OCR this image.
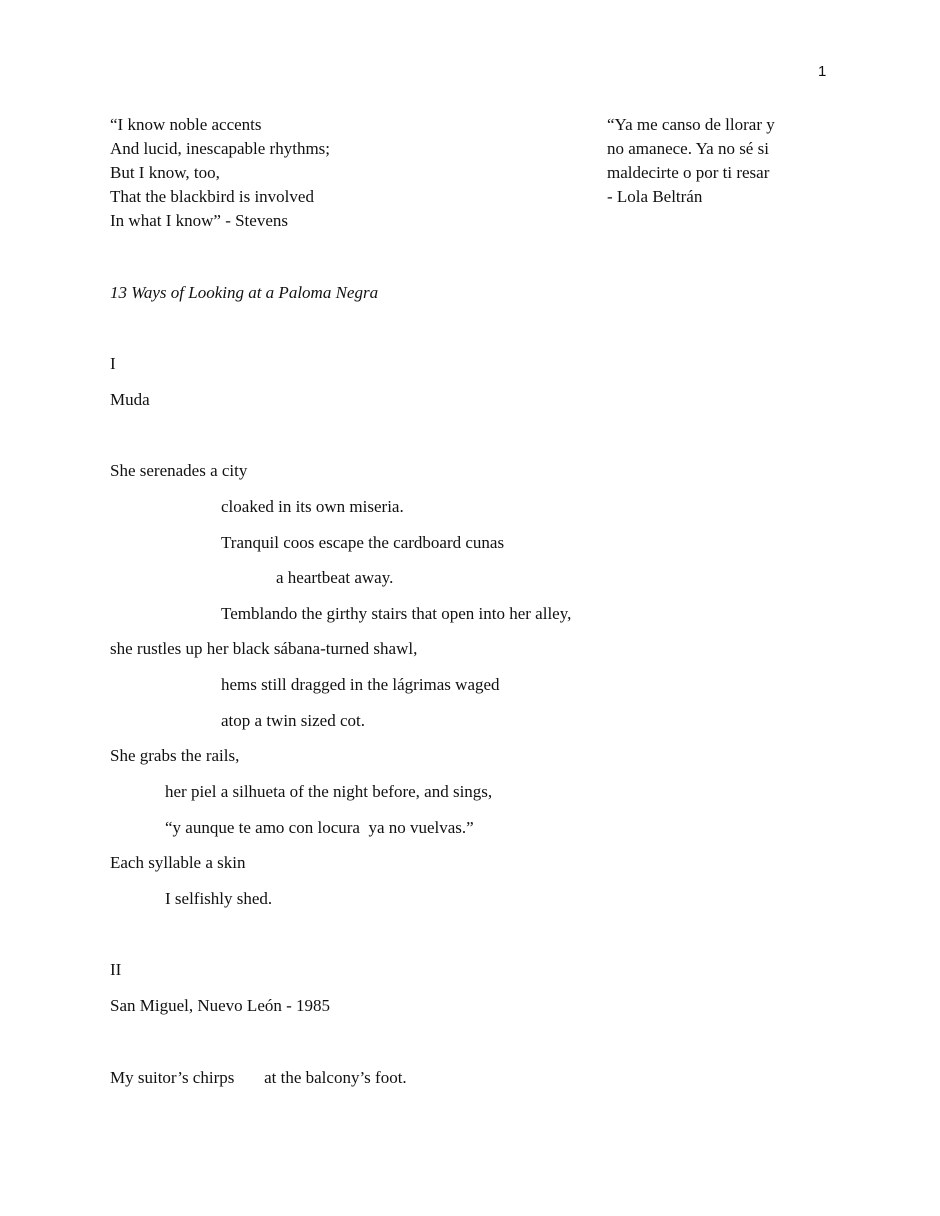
1
“I know noble accents
And lucid, inescapable rhythms;
But I know, too,
That the blackbird is involved
In what I know” - Stevens
“Ya me canso de llorar y
no amanece. Ya no sé si
maldecirte o por ti resar
- Lola Beltrán
13 Ways of Looking at a Paloma Negra
I
Muda
She serenades a city
cloaked in its own miseria.
Tranquil coos escape the cardboard cunas
a heartbeat away.
Temblando the girthy stairs that open into her alley,
she rustles up her black sábana-turned shawl,
hems still dragged in the lágrimas waged
atop a twin sized cot.
She grabs the rails,
her piel a silhueta of the night before, and sings,
“y aunque te amo con locura  ya no vuelvas.”
Each syllable a skin
I selfishly shed.
II
San Miguel, Nuevo León - 1985
My suitor’s chirps       at the balcony’s foot.
